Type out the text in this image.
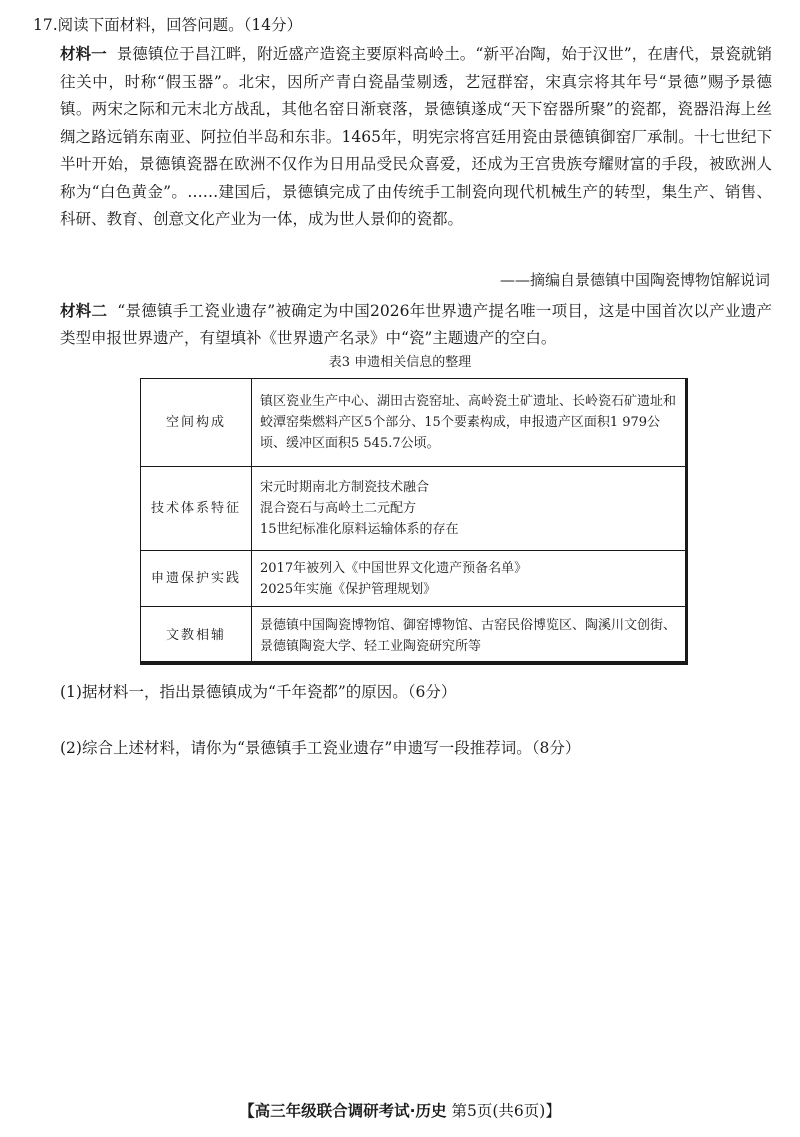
17.阅读下面材料，回答问题。（14分）
材料一 景德镇位于昌江畔，附近盛产造瓷主要原料高岭土。“新平冶陶，始于汉世”，在唐代，景瓷就销往关中，时称“假玉器”。北宋，因所产青白瓷晶莹剔透，艺冠群窑，宋真宗将其年号“景德”赐予景德镇。两宋之际和元末北方战乱，其他名窑日渐衰落，景德镇遂成“天下窑器所聚”的瓷都，瓷器沿海上丝绸之路远销东南亚、阿拉伯半岛和东非。1465年，明宪宗将宫廷用瓷由景德镇御窑厂承制。十七世纪下半叶开始，景德镇瓷器在欧洲不仅作为日用品受民众喜爱，还成为王宫贵族夸耀财富的手段，被欧洲人称为“白色黄金”。……建国后，景德镇完成了由传统手工制瓷向现代机械生产的转型，集生产、销售、科研、教育、创意文化产业为一体，成为世人景仰的瓷都。
——摘编自景德镇中国陶瓷博物馆解说词
材料二 “景德镇手工瓷业遗存”被确定为中国2026年世界遗产提名唯一项目，这是中国首次以产业遗产类型申报世界遗产，有望填补《世界遗产名录》中“瓷”主题遗产的空白。
表3 申遗相关信息的整理
空间构成	镇区瓷业生产中心、湖田古瓷窑址、高岭瓷土矿遗址、长岭瓷石矿遗址和蛟潭窑柴燃料产区5个部分、15个要素构成，申报遗产区面积1 979公顷、缓冲区面积5 545.7公顷。

技术体系特征	宋元时期南北方制瓷技术融合
混合瓷石与高岭土二元配方
15世纪标准化原料运输体系的存在

申遗保护实践	2017年被列入《中国世界文化遗产预备名单》
2025年实施《保护管理规划》

文教相辅	景德镇中国陶瓷博物馆、御窑博物馆、古窑民俗博览区、陶溪川文创街、景德镇陶瓷大学、轻工业陶瓷研究所等
(1)据材料一，指出景德镇成为“千年瓷都”的原因。（6分）
(2)综合上述材料，请你为“景德镇手工瓷业遗存”申遗写一段推荐词。（8分）
【高三年级联合调研考试·历史 第5页(共6页)】
